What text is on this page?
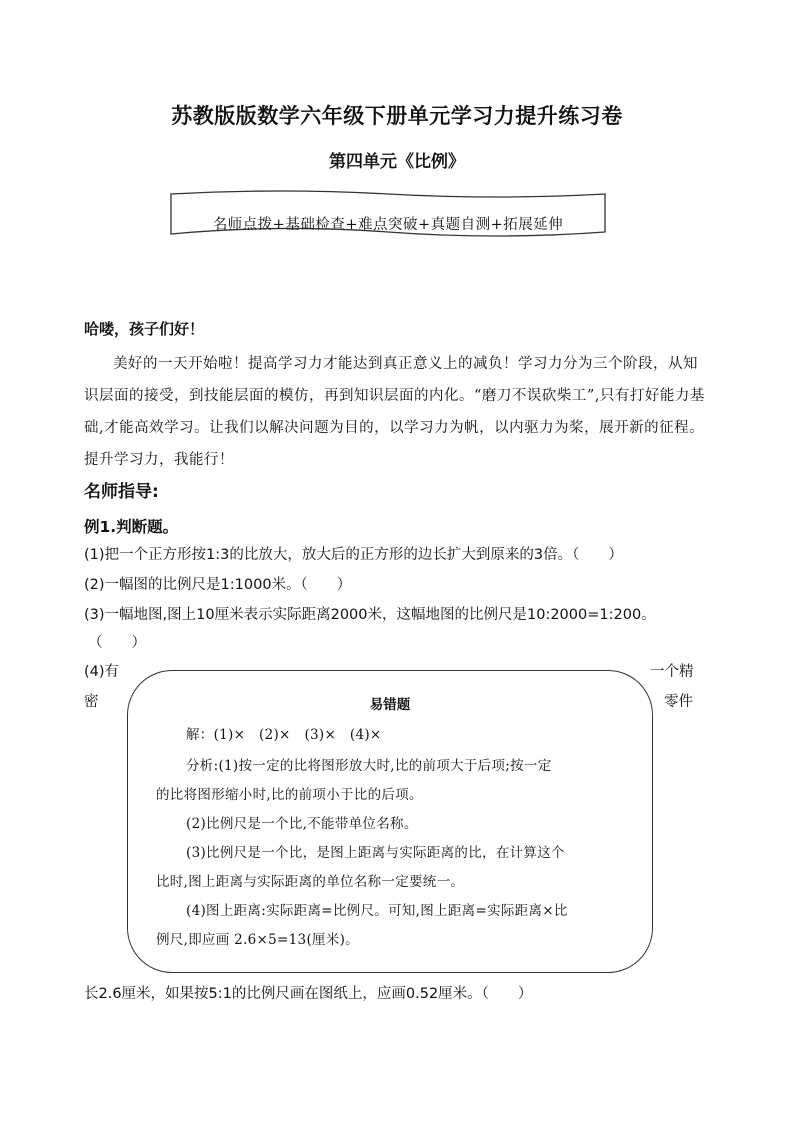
苏教版版数学六年级下册单元学习力提升练习卷
第四单元《比例》
名师点拨+基础检查+难点突破+真题自测+拓展延伸
哈喽，孩子们好！
美好的一天开始啦！提高学习力才能达到真正意义上的减负！学习力分为三个阶段，从知识层面的接受，到技能层面的模仿，再到知识层面的内化。“磨刀不误砍柴工”,只有打好能力基础,才能高效学习。让我们以解决问题为目的，以学习力为帆，以内驱力为桨，展开新的征程。提升学习力，我能行！
名师指导:
例1.判断题。
(1)把一个正方形按1:3的比放大，放大后的正方形的边长扩大到原来的3倍。（　　）
(2)一幅图的比例尺是1:1000米。（　　）
(3)一幅地图,图上10厘米表示实际距离2000米，这幅地图的比例尺是10:2000=1:200。
（　　）
(4)有	一个精
密	零件
易错题
解：(1)×　(2)×　(3)×　(4)×
分析:(1)按一定的比将图形放大时,比的前项大于后项;按一定
的比将图形缩小时,比的前项小于比的后项。
(2)比例尺是一个比,不能带单位名称。
(3)比例尺是一个比，是图上距离与实际距离的比，在计算这个
比时,图上距离与实际距离的单位名称一定要统一。
(4)图上距离:实际距离=比例尺。可知,图上距离=实际距离×比
例尺,即应画 2.6×5=13(厘米)。
长2.6厘米，如果按5:1的比例尺画在图纸上，应画0.52厘米。（　　）
